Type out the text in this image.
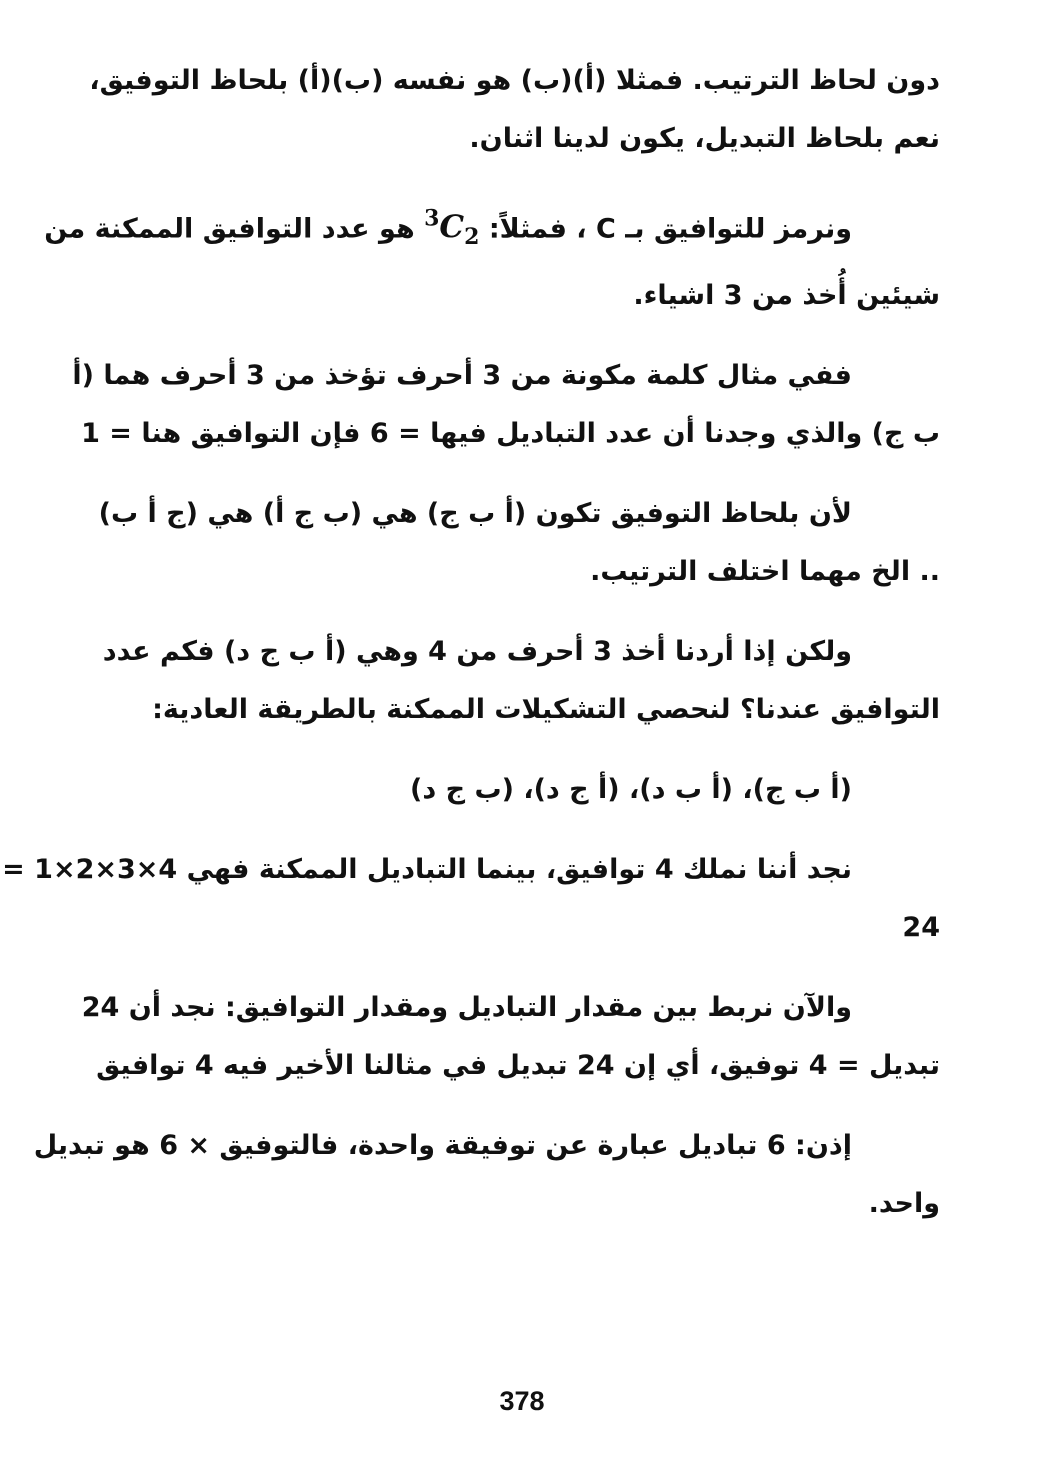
دون لحاظ الترتيب. فمثلا (أ)(ب) هو نفسه (ب)(أ) بلحاظ التوفيق،
نعم بلحاظ التبديل، يكون لدينا اثنان.

ونرمز للتوافيق بـ C ، فمثلاً: $^3C_2$ هو عدد التوافيق الممكنة من
شيئين أُخذ من 3 اشياء.

ففي مثال كلمة مكونة من 3 أحرف تؤخذ من 3 أحرف هما (أ
ب ج) والذي وجدنا أن عدد التباديل فيها = 6 فإن التوافيق هنا = 1

لأن بلحاظ التوفيق تكون (أ ب ج) هي (ب ج أ) هي (ج أ ب)
.. الخ مهما اختلف الترتيب.

ولكن إذا أردنا أخذ 3 أحرف من 4 وهي (أ ب ج د) فكم عدد
التوافيق عندنا؟ لنحصي التشكيلات الممكنة بالطريقة العادية:

(أ ب ج)، (أ ب د)، (أ ج د)، (ب ج د)

نجد أننا نملك 4 توافيق، بينما التباديل الممكنة فهي 4×3×2×1 =
24

والآن نربط بين مقدار التباديل ومقدار التوافيق: نجد أن 24
تبديل = 4 توفيق، أي إن 24 تبديل في مثالنا الأخير فيه 4 توافيق

إذن: 6 تباديل عبارة عن توفيقة واحدة، فالتوفيق × 6 هو تبديل
واحد.

378
